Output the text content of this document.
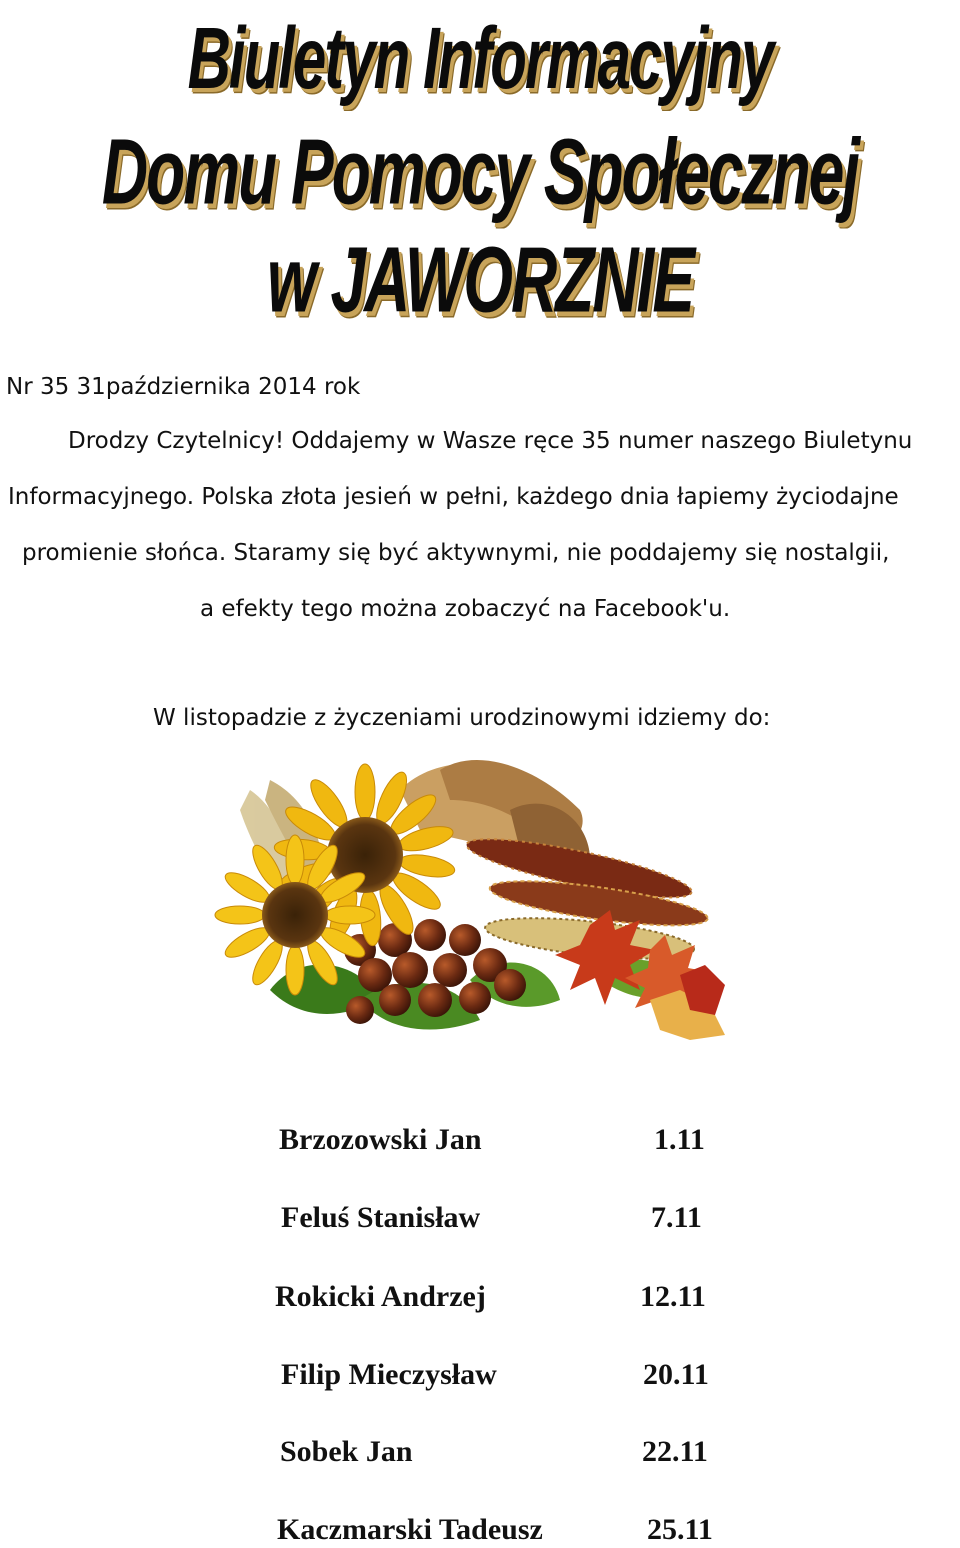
Biuletyn Informacyjny
Domu Pomocy Społecznej
w JAWORZNIE

Nr 35 31października 2014 rok

Drodzy Czytelnicy! Oddajemy w Wasze ręce 35 numer naszego Biuletynu

Informacyjnego. Polska złota jesień w pełni, każdego dnia łapiemy życiodajne

promienie słońca. Staramy się być aktywnymi, nie poddajemy się nostalgii,

a efekty tego można zobaczyć na Facebook'u.

W listopadzie z życzeniami urodzinowymi idziemy do:

Brzozowski Jan	1.11
Feluś Stanisław	7.11
Rokicki Andrzej	12.11
Filip Mieczysław	20.11
Sobek Jan	22.11
Kaczmarski Tadeusz	25.11
